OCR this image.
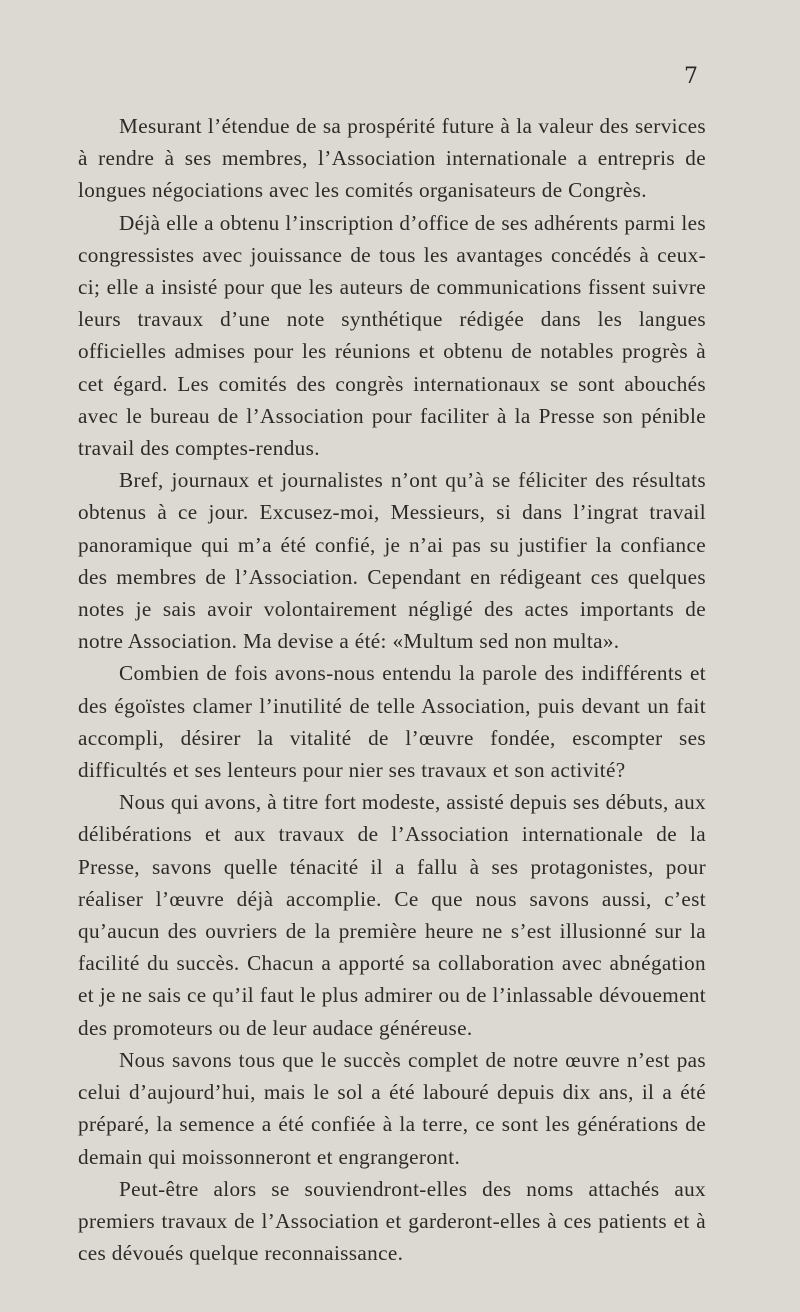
7

Mesurant l’étendue de sa prospérité future à la valeur des services à rendre à ses membres, l’Association internationale a entrepris de longues négociations avec les comités organisateurs de Congrès.

Déjà elle a obtenu l’inscription d’office de ses adhérents parmi les congressistes avec jouissance de tous les avantages concédés à ceux-ci; elle a insisté pour que les auteurs de communications fissent suivre leurs travaux d’une note synthétique rédigée dans les langues officielles admises pour les réunions et obtenu de notables progrès à cet égard. Les comités des congrès internationaux se sont abouchés avec le bureau de l’Association pour faciliter à la Presse son pénible travail des comptes-rendus.

Bref, journaux et journalistes n’ont qu’à se féliciter des résultats obtenus à ce jour. Excusez-moi, Messieurs, si dans l’ingrat travail panoramique qui m’a été confié, je n’ai pas su justifier la confiance des membres de l’Association. Cependant en rédigeant ces quelques notes je sais avoir volontairement négligé des actes importants de notre Association. Ma devise a été: «Multum sed non multa».

Combien de fois avons-nous entendu la parole des indifférents et des égoïstes clamer l’inutilité de telle Association, puis devant un fait accompli, désirer la vitalité de l’œuvre fondée, escompter ses difficultés et ses lenteurs pour nier ses travaux et son activité?

Nous qui avons, à titre fort modeste, assisté depuis ses débuts, aux délibérations et aux travaux de l’Association internationale de la Presse, savons quelle ténacité il a fallu à ses protagonistes, pour réaliser l’œuvre déjà accomplie. Ce que nous savons aussi, c’est qu’aucun des ouvriers de la première heure ne s’est illusionné sur la facilité du succès. Chacun a apporté sa collaboration avec abnégation et je ne sais ce qu’il faut le plus admirer ou de l’inlassable dévouement des promoteurs ou de leur audace généreuse.

Nous savons tous que le succès complet de notre œuvre n’est pas celui d’aujourd’hui, mais le sol a été labouré depuis dix ans, il a été préparé, la semence a été confiée à la terre, ce sont les générations de demain qui moissonneront et engrangeront.

Peut-être alors se souviendront-elles des noms attachés aux premiers travaux de l’Association et garderont-elles à ces patients et à ces dévoués quelque reconnaissance.
